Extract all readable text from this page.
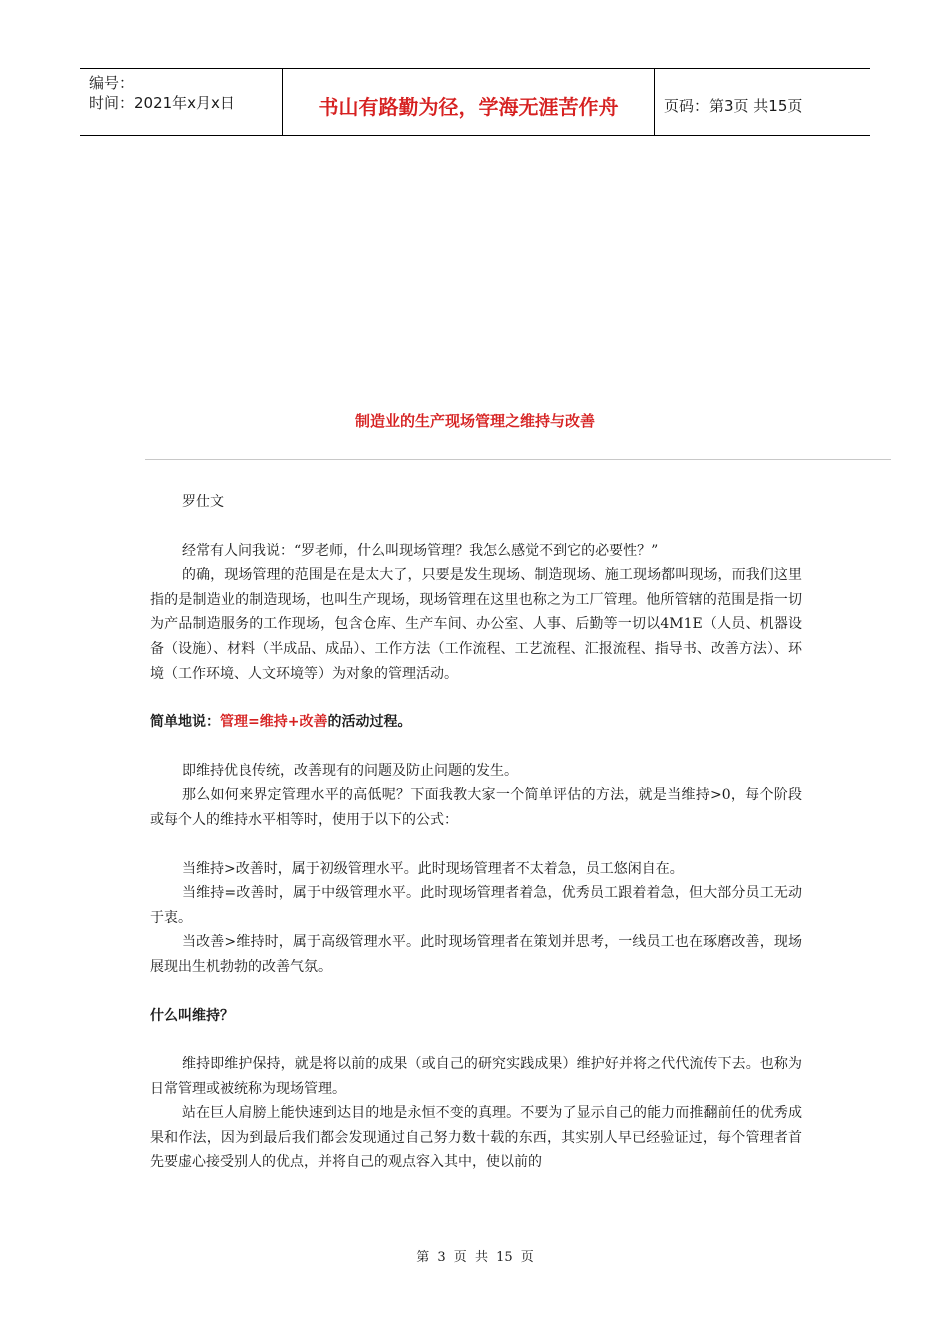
编号：
时间：2021年x月x日	书山有路勤为径，学海无涯苦作舟	页码：第3页 共15页
制造业的生产现场管理之维持与改善

罗仕文

经常有人问我说：“罗老师，什么叫现场管理？我怎么感觉不到它的必要性？”

的确，现场管理的范围是在是太大了，只要是发生现场、制造现场、施工现场都叫现场，而我们这里指的是制造业的制造现场，也叫生产现场，现场管理在这里也称之为工厂管理。他所管辖的范围是指一切为产品制造服务的工作现场，包含仓库、生产车间、办公室、人事、后勤等一切以4M1E（人员、机器设备（设施）、材料（半成品、成品）、工作方法（工作流程、工艺流程、汇报流程、指导书、改善方法）、环境（工作环境、人文环境等）为对象的管理活动。

简单地说：管理=维持+改善的活动过程。

即维持优良传统，改善现有的问题及防止问题的发生。

那么如何来界定管理水平的高低呢？下面我教大家一个简单评估的方法，就是当维持>0，每个阶段或每个人的维持水平相等时，使用于以下的公式：

当维持>改善时，属于初级管理水平。此时现场管理者不太着急，员工悠闲自在。

当维持=改善时，属于中级管理水平。此时现场管理者着急，优秀员工跟着着急，但大部分员工无动于衷。

当改善>维持时，属于高级管理水平。此时现场管理者在策划并思考，一线员工也在琢磨改善，现场展现出生机勃勃的改善气氛。

什么叫维持？

维持即维护保持，就是将以前的成果（或自己的研究实践成果）维护好并将之代代流传下去。也称为日常管理或被统称为现场管理。

站在巨人肩膀上能快速到达目的地是永恒不变的真理。不要为了显示自己的能力而推翻前任的优秀成果和作法，因为到最后我们都会发现通过自己努力数十载的东西，其实别人早已经验证过，每个管理者首先要虚心接受别人的优点，并将自己的观点容入其中，使以前的

第 3 页 共 15 页
